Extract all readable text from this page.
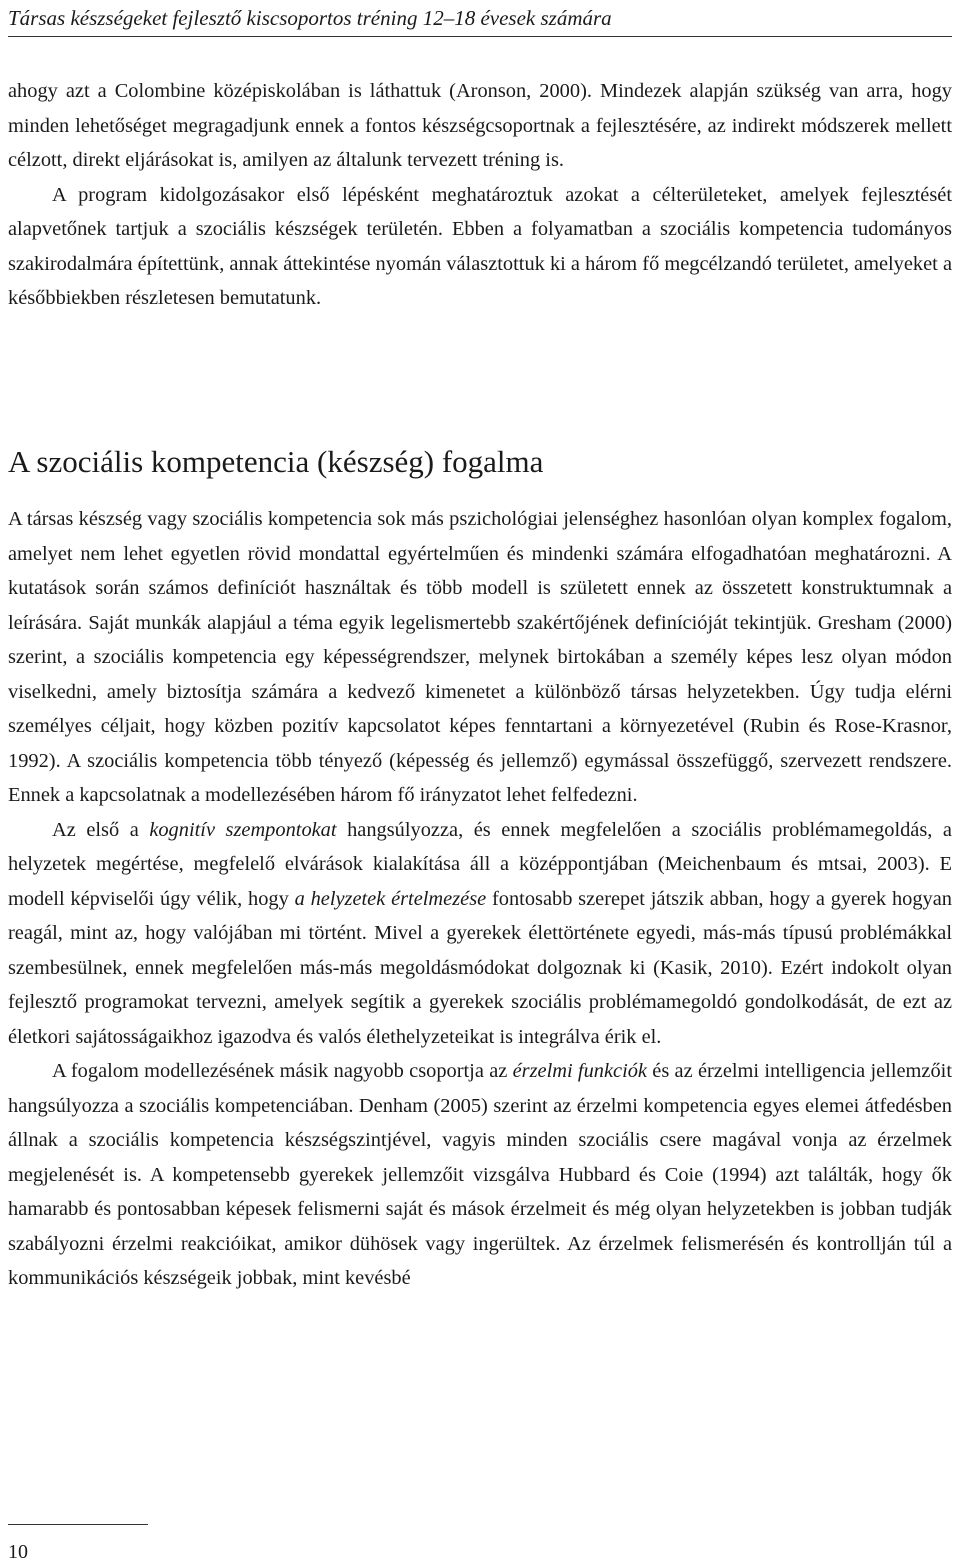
Társas készségeket fejlesztő kiscsoportos tréning 12–18 évesek számára

ahogy azt a Colombine középiskolában is láthattuk (Aronson, 2000). Mindezek alapján szükség van arra, hogy minden lehetőséget megragadjunk ennek a fontos készségcsoportnak a fejlesztésére, az indirekt módszerek mellett célzott, direkt eljárásokat is, amilyen az általunk tervezett tréning is.

A program kidolgozásakor első lépésként meghatároztuk azokat a célterületeket, amelyek fejlesztését alapvetőnek tartjuk a szociális készségek területén. Ebben a folyamatban a szociális kompetencia tudományos szakirodalmára építettünk, annak áttekintése nyomán választottuk ki a három fő megcélzandó területet, amelyeket a későbbiekben részletesen bemutatunk.

A szociális kompetencia (készség) fogalma

A társas készség vagy szociális kompetencia sok más pszichológiai jelenséghez hasonlóan olyan komplex fogalom, amelyet nem lehet egyetlen rövid mondattal egyértelműen és mindenki számára elfogadhatóan meghatározni. A kutatások során számos definíciót használtak és több modell is született ennek az összetett konstruktumnak a leírására. Saját munkák alapjául a téma egyik legelismertebb szakértőjének definícióját tekintjük. Gresham (2000) szerint, a szociális kompetencia egy képességrendszer, melynek birtokában a személy képes lesz olyan módon viselkedni, amely biztosítja számára a kedvező kimenetet a különböző társas helyzetekben. Úgy tudja elérni személyes céljait, hogy közben pozitív kapcsolatot képes fenntartani a környezetével (Rubin és Rose-Krasnor, 1992). A szociális kompetencia több tényező (képesség és jellemző) egymással összefüggő, szervezett rendszere. Ennek a kapcsolatnak a modellezésében három fő irányzatot lehet felfedezni.

Az első a kognitív szempontokat hangsúlyozza, és ennek megfelelően a szociális problémamegoldás, a helyzetek megértése, megfelelő elvárások kialakítása áll a középpontjában (Meichenbaum és mtsai, 2003). E modell képviselői úgy vélik, hogy a helyzetek értelmezése fontosabb szerepet játszik abban, hogy a gyerek hogyan reagál, mint az, hogy valójában mi történt. Mivel a gyerekek élettörténete egyedi, más-más típusú problémákkal szembesülnek, ennek megfelelően más-más megoldásmódokat dolgoznak ki (Kasik, 2010). Ezért indokolt olyan fejlesztő programokat tervezni, amelyek segítik a gyerekek szociális problémamegoldó gondolkodását, de ezt az életkori sajátosságaikhoz igazodva és valós élethelyzeteikat is integrálva érik el.

A fogalom modellezésének másik nagyobb csoportja az érzelmi funkciók és az érzelmi intelligencia jellemzőit hangsúlyozza a szociális kompetenciában. Denham (2005) szerint az érzelmi kompetencia egyes elemei átfedésben állnak a szociális kompetencia készségszintjével, vagyis minden szociális csere magával vonja az érzelmek megjelenését is. A kompetensebb gyerekek jellemzőit vizsgálva Hubbard és Coie (1994) azt találták, hogy ők hamarabb és pontosabban képesek felismerni saját és mások érzelmeit és még olyan helyzetekben is jobban tudják szabályozni érzelmi reakcióikat, amikor dühösek vagy ingerültek. Az érzelmek felismerésén és kontrollján túl a kommunikációs készségeik jobbak, mint kevésbé

10
